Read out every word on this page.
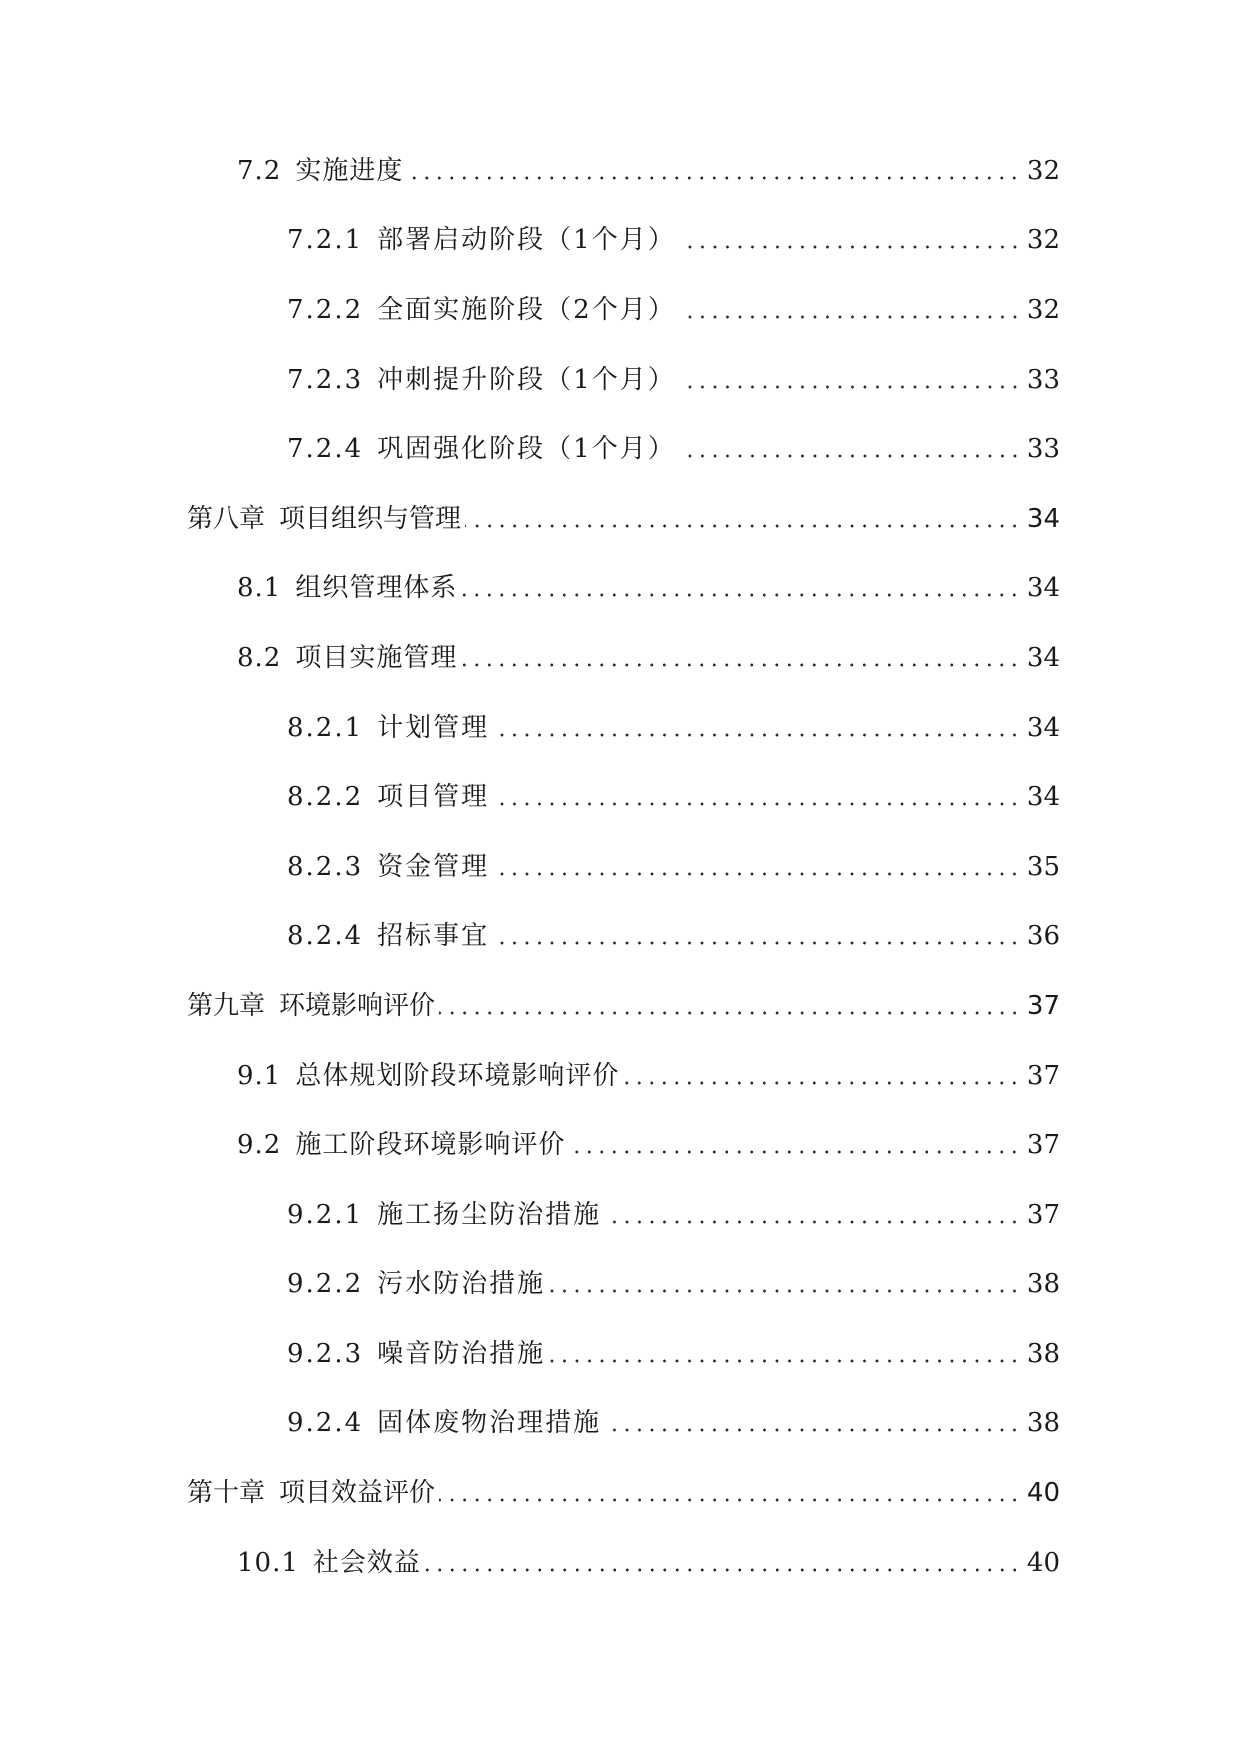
7.2 实施进度	32
7.2.1 部署启动阶段（1个月）	32
7.2.2 全面实施阶段（2个月）	32
7.2.3 冲刺提升阶段（1个月）	33
7.2.4 巩固强化阶段（1个月）	33
第八章 项目组织与管理	34
8.1 组织管理体系	34
8.2 项目实施管理	34
8.2.1 计划管理	34
8.2.2 项目管理	34
8.2.3 资金管理	35
8.2.4 招标事宜	36
第九章 环境影响评价	37
9.1 总体规划阶段环境影响评价	37
9.2 施工阶段环境影响评价	37
9.2.1 施工扬尘防治措施	37
9.2.2 污水防治措施	38
9.2.3 噪音防治措施	38
9.2.4 固体废物治理措施	38
第十章 项目效益评价	40
10.1 社会效益	40
